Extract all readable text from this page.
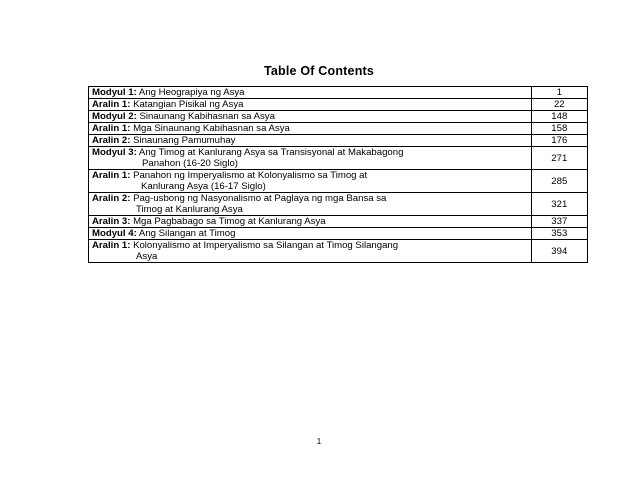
Table Of Contents
Modyul 1: Ang Heograpiya ng Asya	1
Aralin 1: Katangian Pisikal ng Asya	22
Modyul 2: Sinaunang Kabihasnan sa Asya	148
Aralin 1: Mga Sinaunang Kabihasnan sa Asya	158
Aralin 2: Sinaunang Pamumuhay	176

Modyul 3: Ang Timog at Kanlurang Asya sa Transisyonal at Makabagong
Panahon (16-20 Siglo)	271

Aralin 1: Panahon ng Imperyalismo at Kolonyalismo sa Timog at
Kanlurang Asya (16-17 Siglo)	285

Aralin 2: Pag-usbong ng Nasyonalismo at Paglaya ng mga Bansa sa
Timog at Kanlurang Asya	321
Aralin 3: Mga Pagbabago sa Timog at Kanlurang Asya	337
Modyul 4: Ang Silangan at Timog	353

Aralin 1: Kolonyalismo at Imperyalismo sa Silangan at Timog Silangang
Asya	394
1
